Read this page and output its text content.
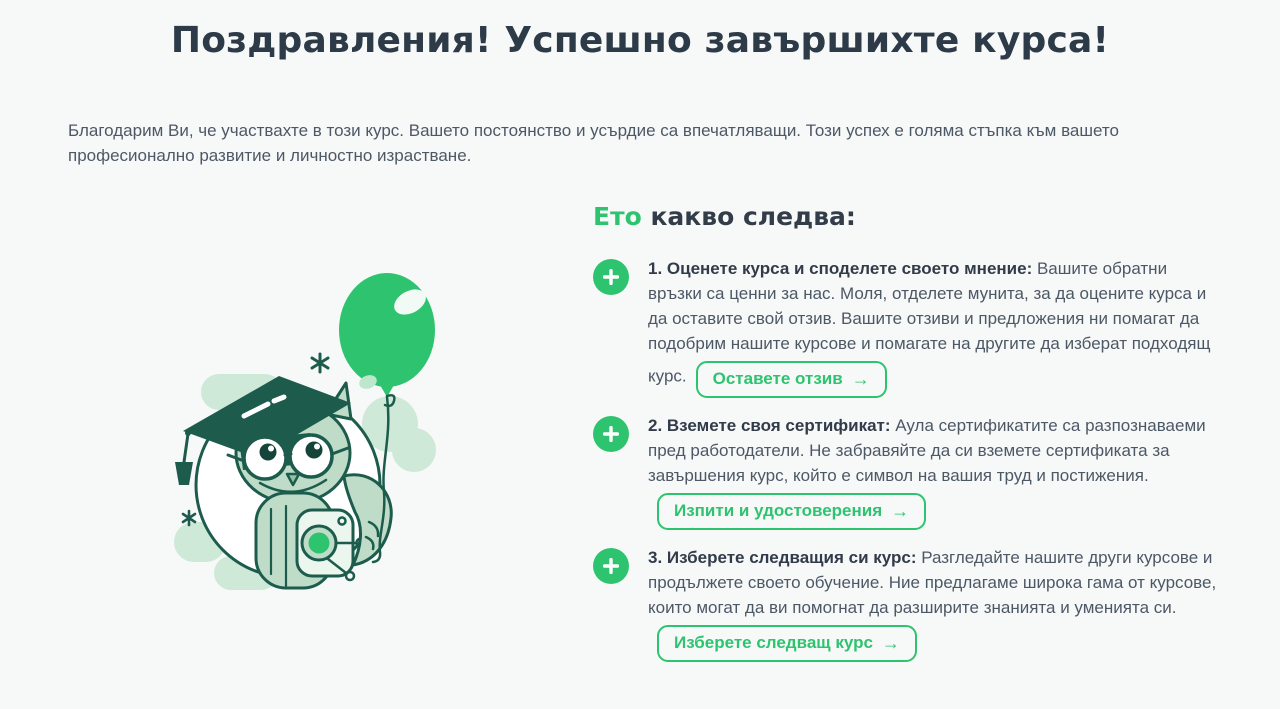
Поздравления! Успешно завършихте курса!

Благодарим Ви, че участвахте в този курс. Вашето постоянство и усърдие са впечатляващи. Този успех е голяма стъпка към вашето професионално развитие и личностно израстване.

Ето какво следва:

1. Оценете курса и споделете своето мнение: Вашите обратни връзки са ценни за нас. Моля, отделете мунита, за да оцените курса и да оставите свой отзив. Вашите отзиви и предложения ни помагат да подобрим нашите курсове и помагате на другите да изберат подходящ курс. Оставете отзив →

2. Вземете своя сертификат: Аула сертификатите са разпознаваеми пред работодатели. Не забравяйте да си вземете сертификата за завършения курс, който е символ на вашия труд и постижения.
Изпити и удостоверения →

3. Изберете следващия си курс: Разгледайте нашите други курсове и продължете своето обучение. Ние предлагаме широка гама от курсове, които могат да ви помогнат да разширите знанията и уменията си.
Изберете следващ курс →
